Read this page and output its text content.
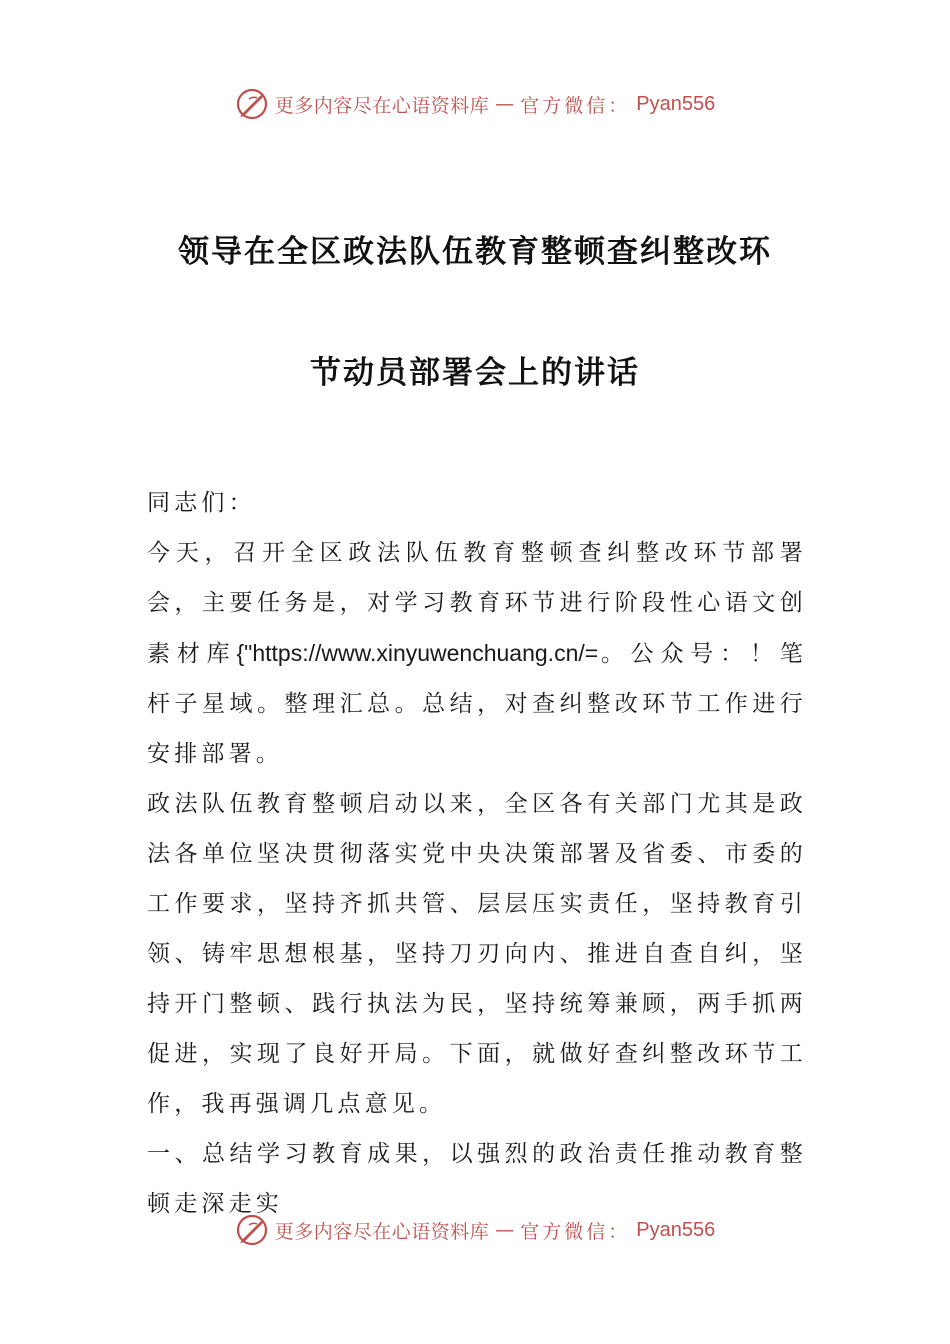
更多内容尽在心语资料库 — 官方微信： Pyan556
领导在全区政法队伍教育整顿查纠整改环
节动员部署会上的讲话

同志们：

今天，召开全区政法队伍教育整顿查纠整改环节部署会，主要任务是，对学习教育环节进行阶段性心语文创素材库{"https://www.xinyuwenchuang.cn/=。公众号：！笔杆子星域。整理汇总。总结，对查纠整改环节工作进行安排部署。

政法队伍教育整顿启动以来，全区各有关部门尤其是政法各单位坚决贯彻落实党中央决策部署及省委、市委的工作要求，坚持齐抓共管、层层压实责任，坚持教育引领、铸牢思想根基，坚持刀刃向内、推进自查自纠，坚持开门整顿、践行执法为民，坚持统筹兼顾，两手抓两促进，实现了良好开局。下面，就做好查纠整改环节工作，我再强调几点意见。

一、总结学习教育成果，以强烈的政治责任推动教育整顿走深走实

更多内容尽在心语资料库 — 官方微信： Pyan556
